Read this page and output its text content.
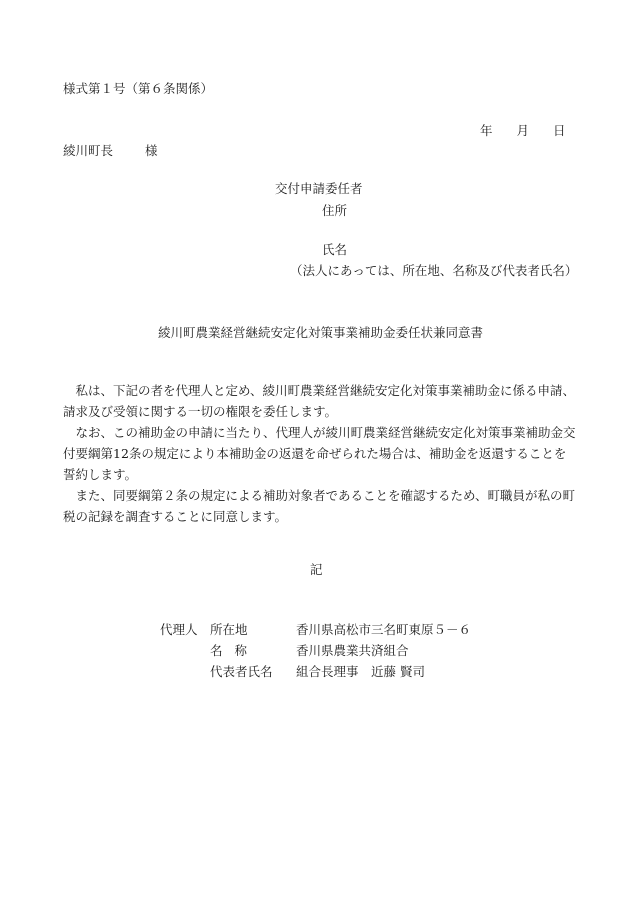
様式第１号（第６条関係）
年 月 日
綾川町長	様
交付申請委任者
住所
氏名
（法人にあっては、所在地、名称及び代表者氏名）
綾川町農業経営継続安定化対策事業補助金委任状兼同意書

私は、下記の者を代理人と定め、綾川町農業経営継続安定化対策事業補助金に係る申請、請求及び受領に関する一切の権限を委任します。

なお、この補助金の申請に当たり、代理人が綾川町農業経営継続安定化対策事業補助金交付要綱第12条の規定により本補助金の返還を命ぜられた場合は、補助金を返還することを誓約します。

また、同要綱第２条の規定による補助対象者であることを確認するため、町職員が私の町税の記録を調査することに同意します。

記
代理人	所在地	香川県高松市三名町東原５－６
	名 称	香川県農業共済組合
	代表者氏名	組合長理事　近藤 賢司
